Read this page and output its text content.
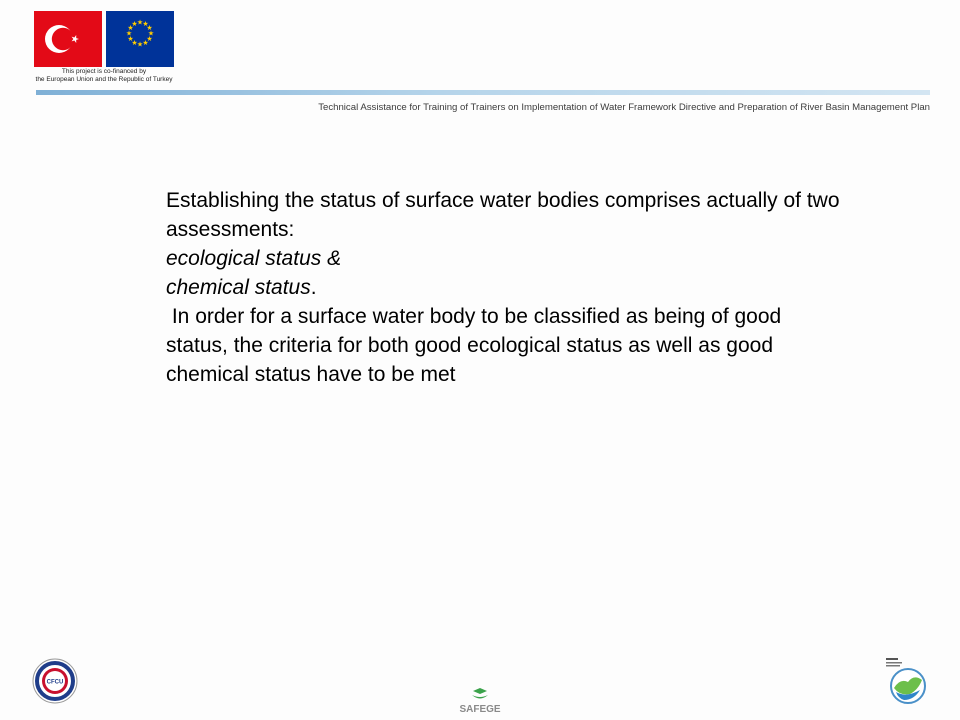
★ ★
★
★
★
★
★
★
★
★
★
★
This project is co-financed by
the European Union and the Republic of Turkey
Technical Assistance for Training of Trainers on Implementation of Water Framework Directive and Preparation of River Basin Management Plan

Establishing the status of surface water bodies comprises actually of two assessments:

ecological status &

chemical status.

In order for a surface water body to be classified as being of good status, the criteria for both good ecological status as well as good chemical status have to be met

CFCU
SAFEGE
